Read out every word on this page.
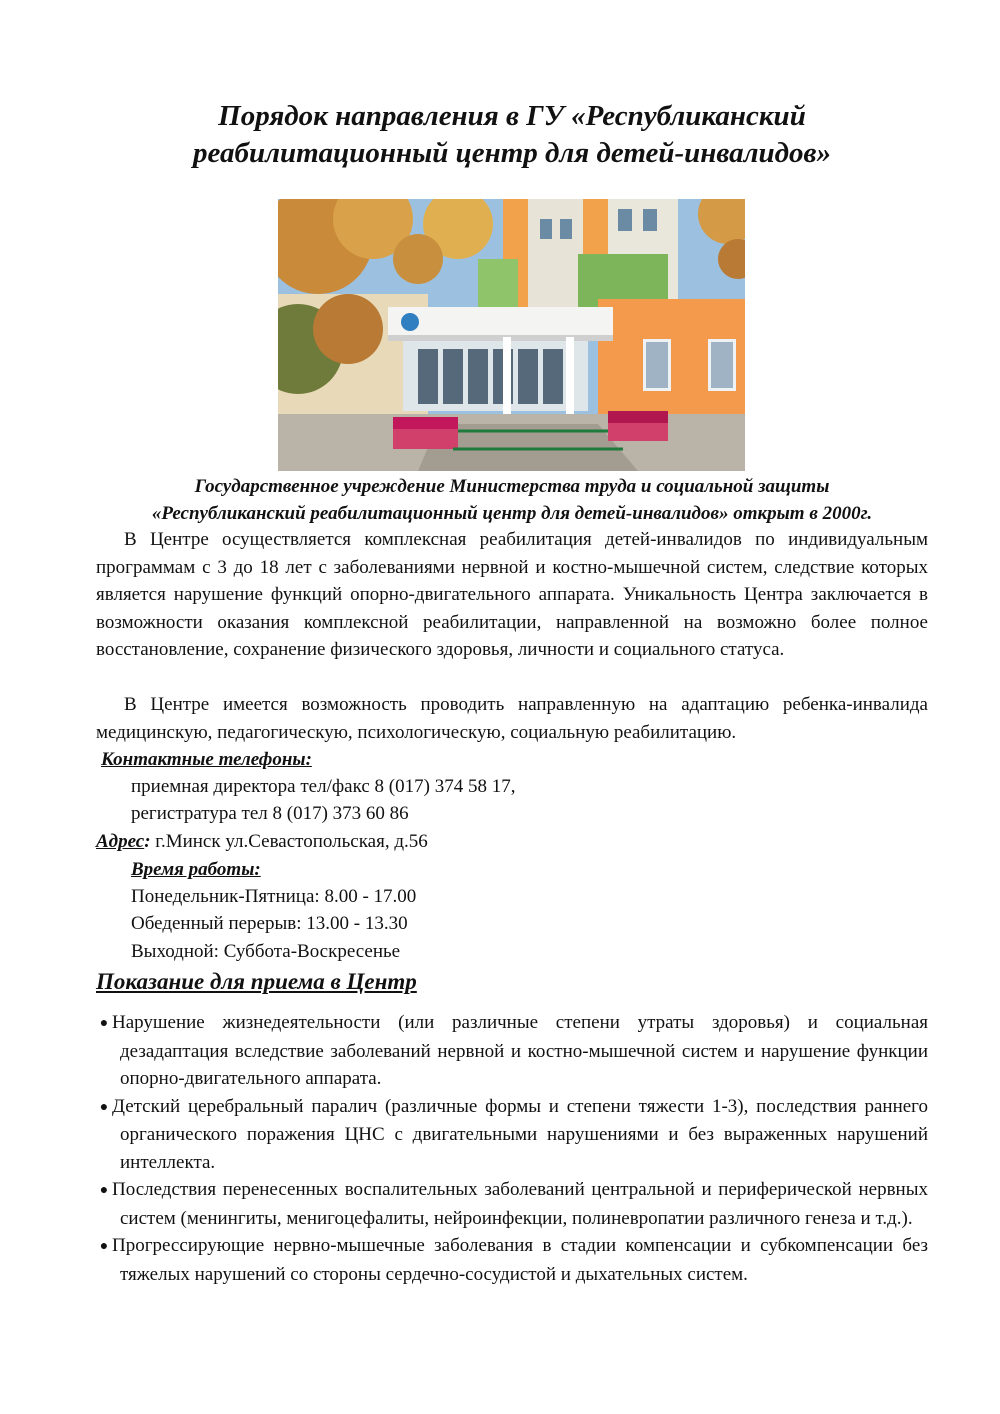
Порядок направления в ГУ «Республиканский
реабилитационный центр для детей-инвалидов»
Государственное учреждение Министерства труда и социальной защиты
«Республиканский реабилитационный центр для детей-инвалидов» открыт в 2000г.

В Центре осуществляется комплексная реабилитация детей-инвалидов по индивидуальным программам с 3 до 18 лет с заболеваниями нервной и костно-мышечной систем, следствие которых является нарушение функций опорно-двигательного аппарата. Уникальность Центра заключается в возможности оказания комплексной реабилитации, направленной на возможно более полное восстановление, сохранение физического здоровья, личности и социального статуса.

В Центре имеется возможность проводить направленную на адаптацию ребенка-инвалида медицинскую, педагогическую, психологическую, социальную реабилитацию.

Контактные телефоны:
приемная директора тел/факс 8 (017) 374 58 17,
регистратура тел 8 (017) 373 60 86
Адрес: г.Минск ул.Севастопольская, д.56
Время работы:
Понедельник-Пятница: 8.00 - 17.00
Обеденный перерыв: 13.00 - 13.30
Выходной: Суббота-Воскресенье
Показание для приема в Центр
● Нарушение жизнедеятельности (или различные степени утраты здоровья) и социальная дезадаптация вследствие заболеваний нервной и костно-мышечной систем и нарушение функции опорно-двигательного аппарата.
● Детский церебральный паралич (различные формы и степени тяжести 1-3), последствия раннего органического поражения ЦНС с двигательными нарушениями и без выраженных нарушений интеллекта.
● Последствия перенесенных воспалительных заболеваний центральной и периферической нервных систем (менингиты, менигоцефалиты, нейроинфекции, полиневропатии различного генеза и т.д.).
● Прогрессирующие нервно-мышечные заболевания в стадии компенсации и субкомпенсации без тяжелых нарушений со стороны сердечно-сосудистой и дыхательных систем.
